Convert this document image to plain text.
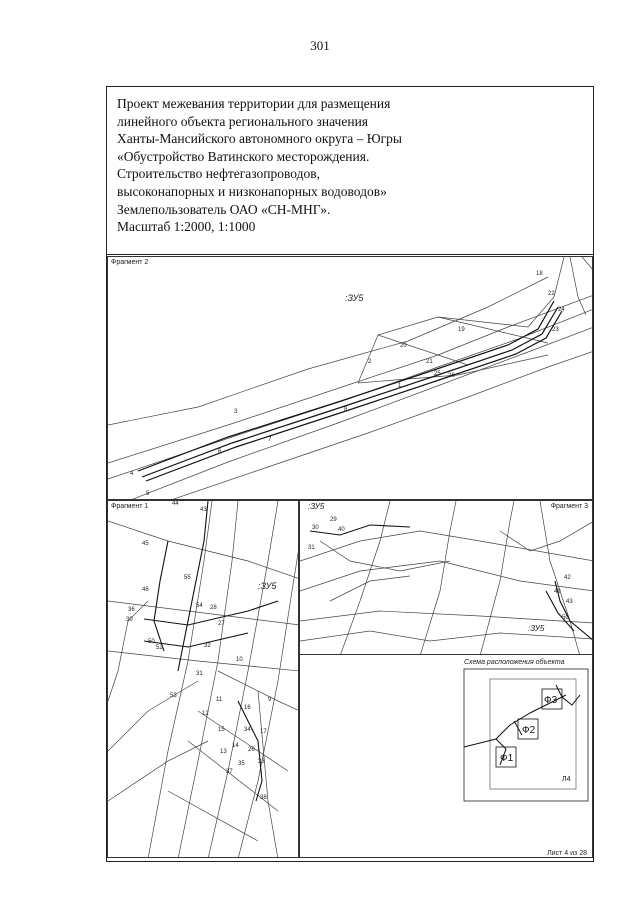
301
Проект межевания территории для размещения
линейного объекта регионального значения
Ханты-Мансийского автономного округа – Югры
«Обустройство Ватинского месторождения.
Строительство нефтегазопроводов,
высоконапорных и низконапорных водоводов»
Землепользователь ОАО «СН-МНГ».
Масштаб 1:2000, 1:1000
Фрагмент 2
:ЗУ5
1
2
3
4
5
6
7
8
18
19
20
21
22
23
24
25 26
Фрагмент 1
:ЗУ5
44
43
45
46
55
30
36
54 28
27
32
52
50
31
10
53
11
12
15
16
9
14
17
26
13
35
37
33
38
34
Фрагмент 3
:ЗУ5
:ЗУ5
29
30	40
31
42
49
43
50
Схема расположения объекта
Ф3
Ф2
Ф1
Л4
Лист 4 из 28
